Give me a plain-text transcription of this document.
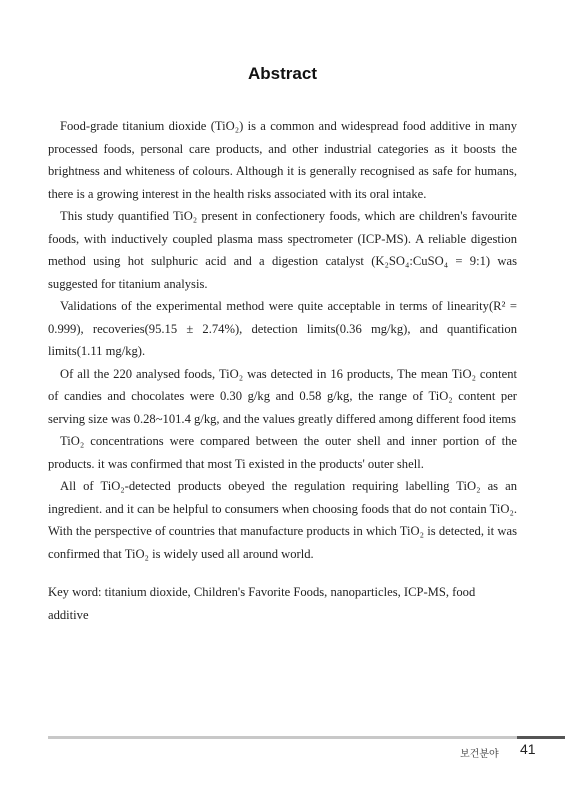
Abstract

Food-grade titanium dioxide (TiO₂) is a common and widespread food additive in many processed foods, personal care products, and other industrial categories as it boosts the brightness and whiteness of colours. Although it is generally recognised as safe for humans, there is a growing interest in the health risks associated with its oral intake.

This study quantified TiO₂ present in confectionery foods, which are children's favourite foods, with inductively coupled plasma mass spectrometer (ICP-MS). A reliable digestion method using hot sulphuric acid and a digestion catalyst (K₂SO₄:CuSO₄ = 9:1) was suggested for titanium analysis.

Validations of the experimental method were quite acceptable in terms of linearity(R² = 0.999), recoveries(95.15 ± 2.74%), detection limits(0.36 mg/kg), and quantification limits(1.11 mg/kg).

Of all the 220 analysed foods, TiO₂ was detected in 16 products, The mean TiO₂ content of candies and chocolates were 0.30 g/kg and 0.58 g/kg, the range of TiO₂ content per serving size was 0.28~101.4 g/kg, and the values greatly differed among different food items

TiO₂ concentrations were compared between the outer shell and inner portion of the products. it was confirmed that most Ti existed in the products' outer shell.

All of TiO₂-detected products obeyed the regulation requiring labelling TiO₂ as an ingredient. and it can be helpful to consumers when choosing foods that do not contain TiO₂. With the perspective of countries that manufacture products in which TiO₂ is detected, it was confirmed that TiO₂ is widely used all around world.

Key word: titanium dioxide, Children's Favorite Foods, nanoparticles, ICP-MS, food additive

보건분야 41
